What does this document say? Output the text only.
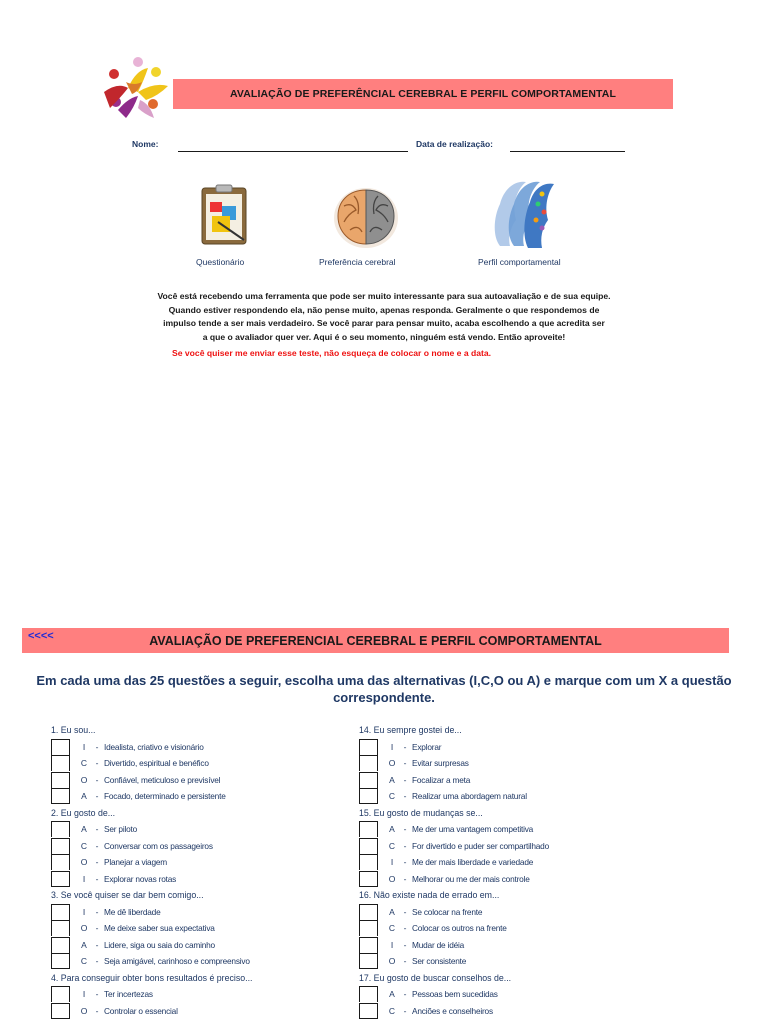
AVALIAÇÃO DE PREFERÊNCIAL CEREBRAL E PERFIL COMPORTAMENTAL
Nome:	Data de realização:
Questionário	Preferência cerebral	Perfil comportamental
Você está recebendo uma ferramenta que pode ser muito interessante para sua autoavaliação e de sua equipe.
Quando estiver respondendo ela, não pense muito, apenas responda. Geralmente o que respondemos de
impulso tende a ser mais verdadeiro. Se você parar para pensar muito, acaba escolhendo a que acredita ser
a que o avaliador quer ver. Aqui é o seu momento, ninguém está vendo. Então aproveite!
Se você quiser me enviar esse teste, não esqueça de colocar o nome e a data.
AVALIAÇÃO DE PREFERENCIAL CEREBRAL E PERFIL COMPORTAMENTAL
<<<<
Em cada uma das 25 questões a seguir, escolha uma das alternativas (I,C,O ou A) e marque com um X a questão correspondente.
1. Eu sou...
I	- Idealista, criativo e visionário
C	- Divertido, espiritual e benéfico
O - Confiável, meticuloso e previsível
A	- Focado, determinado e persistente
2. Eu gosto de...
A	- Ser piloto
C	- Conversar com os passageiros
O - Planejar a viagem
I	- Explorar novas rotas
3. Se você quiser se dar bem comigo...
I	- Me dê liberdade
O - Me deixe saber sua expectativa
A	- Lidere, siga ou saia do caminho
C	- Seja amigável, carinhoso e compreensivo
4. Para conseguir obter bons resultados é preciso...
I	- Ter incertezas
O - Controlar o essencial
14. Eu sempre gostei de...
I	- Explorar
O - Evitar surpresas
A	- Focalizar a meta
C	- Realizar uma abordagem natural
15. Eu gosto de mudanças se...
A	- Me der uma vantagem competitiva
C	- For divertido e puder ser compartilhado
I	- Me der mais liberdade e variedade
O - Melhorar ou me der mais controle
16. Não existe nada de errado em...
A	- Se colocar na frente
C	- Colocar os outros na frente
I	- Mudar de idéia
O - Ser consistente
17. Eu gosto de buscar conselhos de...
A	- Pessoas bem sucedidas
C	- Anciões e conselheiros
